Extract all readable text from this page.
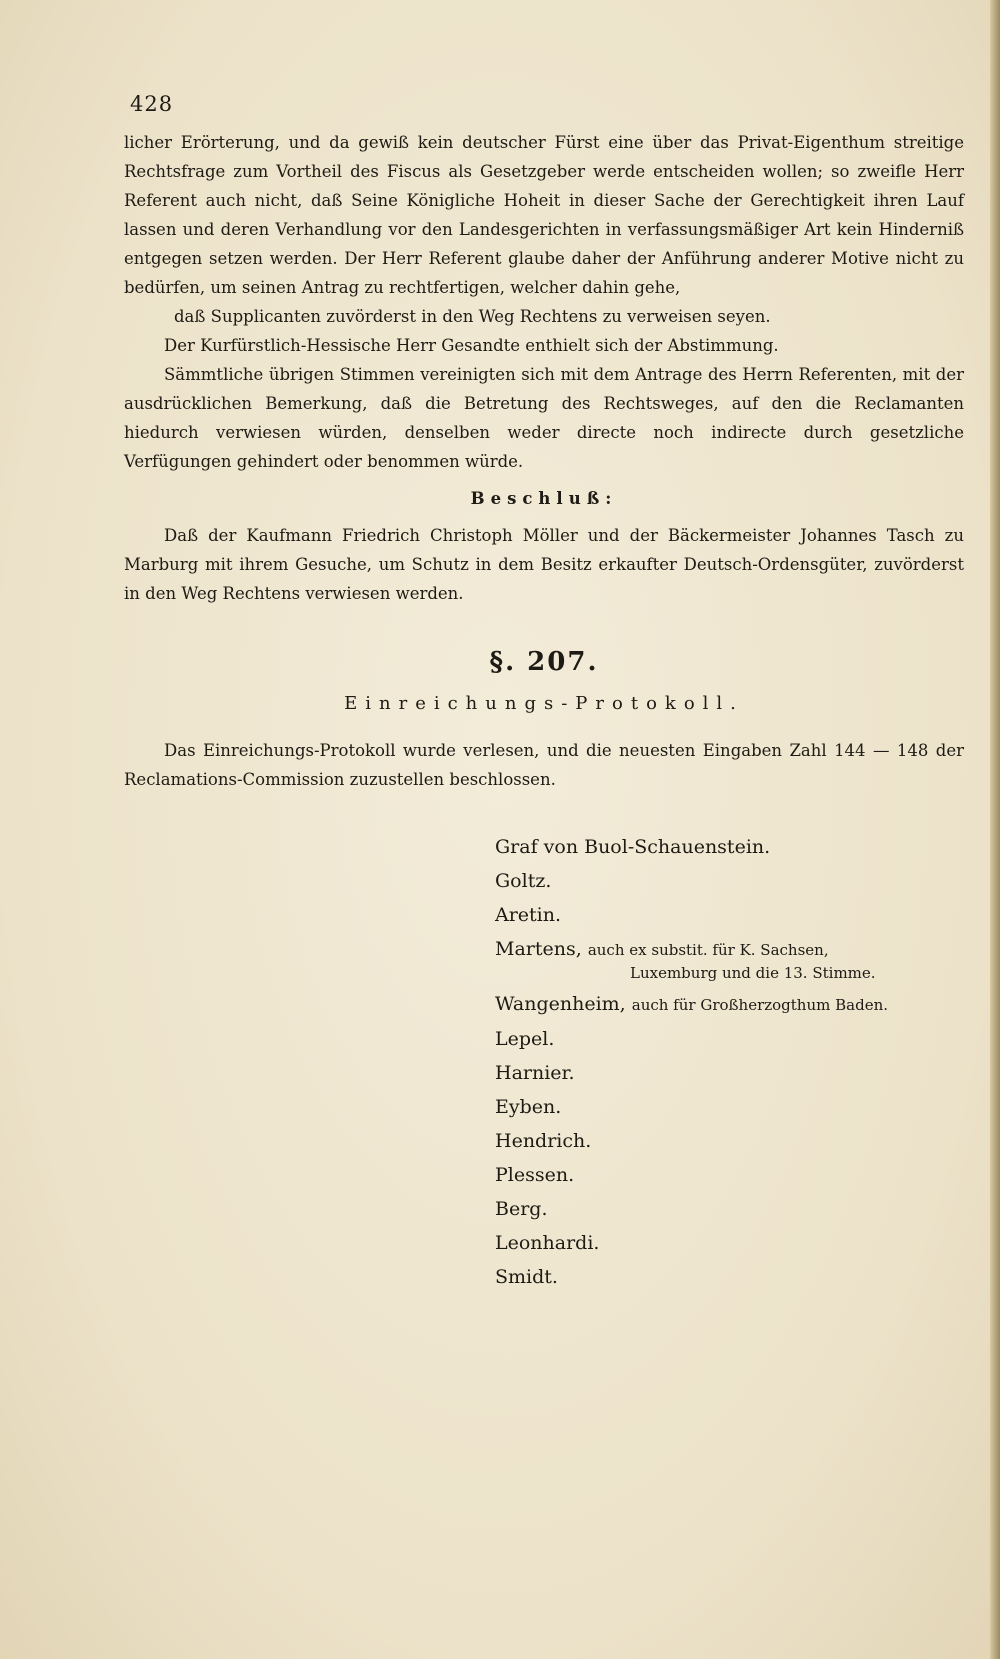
428

licher Erörterung, und da gewiß kein deutscher Fürst eine über das Privat-Eigenthum streitige Rechtsfrage zum Vortheil des Fiscus als Gesetzgeber werde entscheiden wollen; so zweifle Herr Referent auch nicht, daß Seine Königliche Hoheit in dieser Sache der Gerechtigkeit ihren Lauf lassen und deren Verhandlung vor den Landesgerichten in verfassungsmäßiger Art kein Hinderniß entgegen setzen werden. Der Herr Referent glaube daher der Anführung anderer Motive nicht zu bedürfen, um seinen Antrag zu rechtfertigen, welcher dahin gehe,

daß Supplicanten zuvörderst in den Weg Rechtens zu verweisen seyen.

Der Kurfürstlich-Hessische Herr Gesandte enthielt sich der Abstimmung.

Sämmtliche übrigen Stimmen vereinigten sich mit dem Antrage des Herrn Referenten, mit der ausdrücklichen Bemerkung, daß die Betretung des Rechtsweges, auf den die Reclamanten hiedurch verwiesen würden, denselben weder directe noch indirecte durch gesetzliche Verfügungen gehindert oder benommen würde.

Beschluß:

Daß der Kaufmann Friedrich Christoph Möller und der Bäckermeister Johannes Tasch zu Marburg mit ihrem Gesuche, um Schutz in dem Besitz erkaufter Deutsch-Ordensgüter, zuvörderst in den Weg Rechtens verwiesen werden.

§. 207.

Einreichungs-Protokoll.

Das Einreichungs-Protokoll wurde verlesen, und die neuesten Eingaben Zahl 144 — 148 der Reclamations-Commission zuzustellen beschlossen.

Graf von Buol-Schauenstein.

Goltz.

Aretin.

Martens, auch ex substit. für K. Sachsen,

Luxemburg und die 13. Stimme.

Wangenheim, auch für Großherzogthum Baden.

Lepel.

Harnier.

Eyben.

Hendrich.

Plessen.

Berg.

Leonhardi.

Smidt.
